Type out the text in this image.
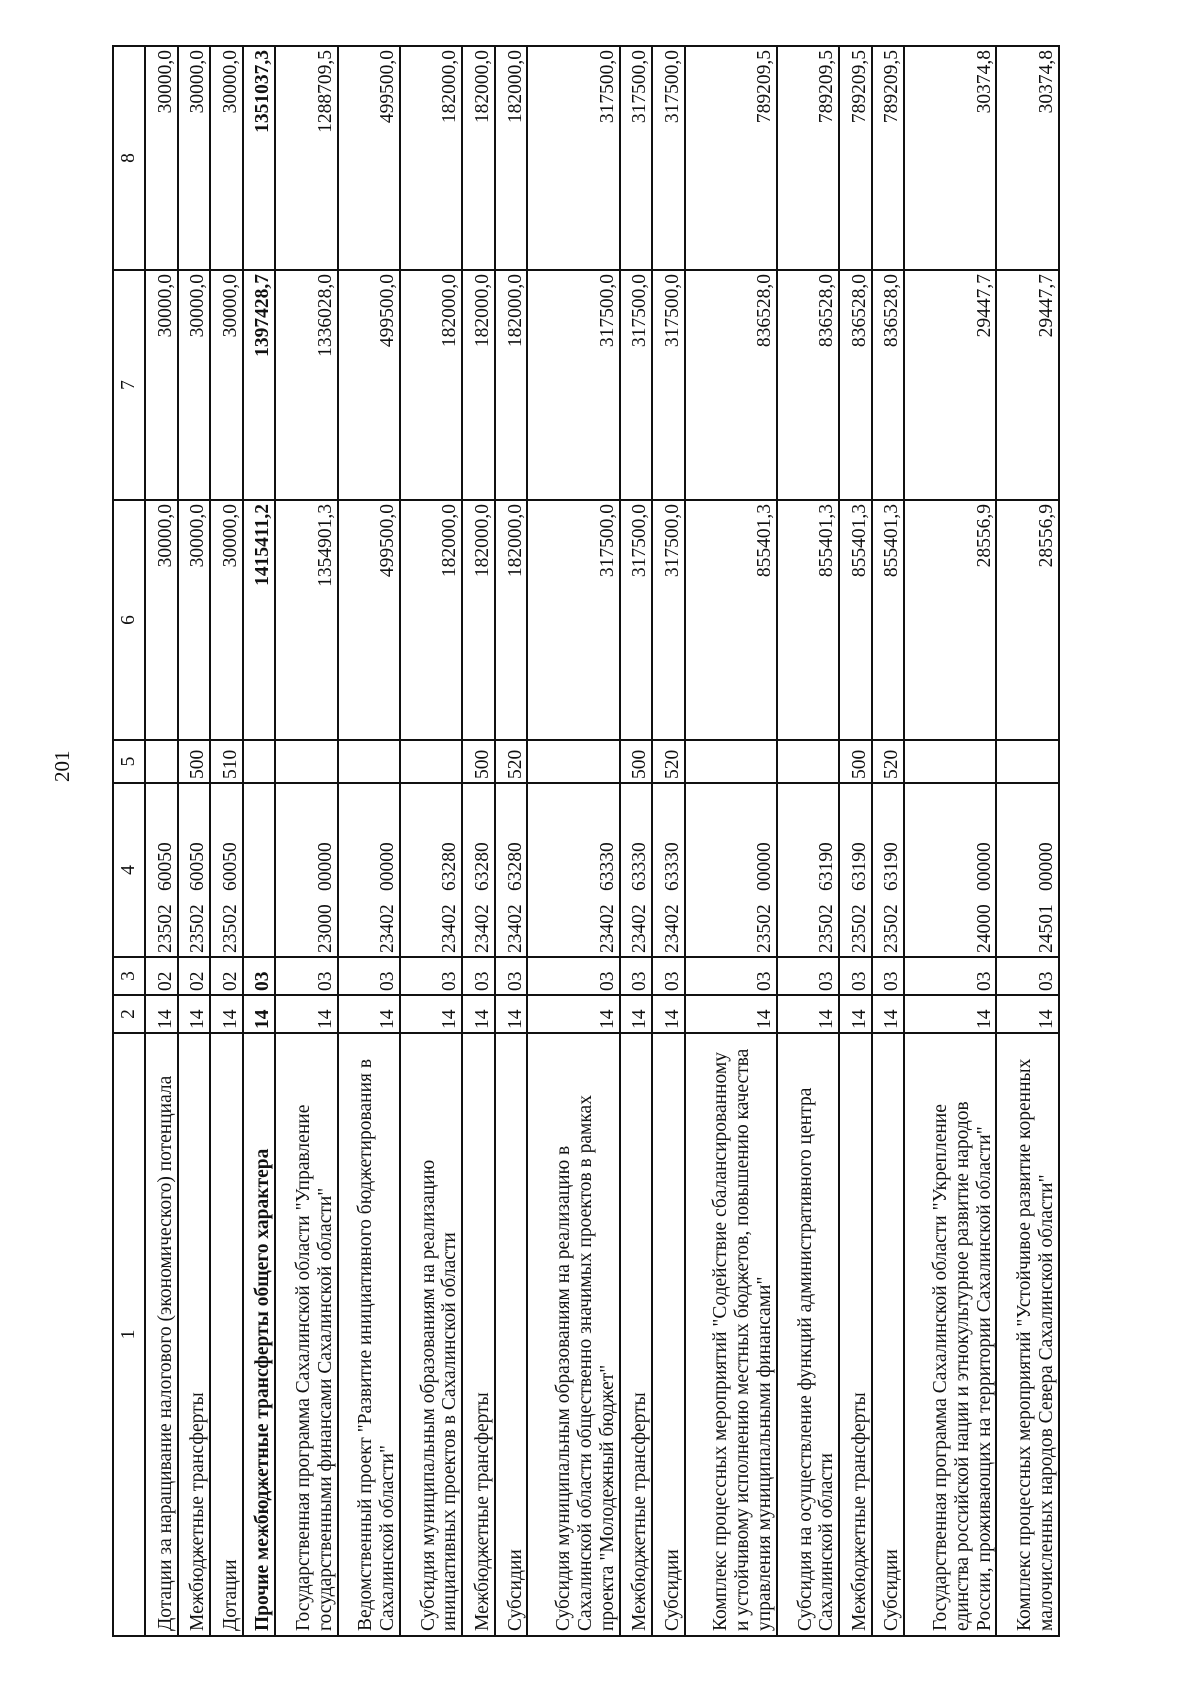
201
1	2	3	4	5	6	7	8
Дотации за наращивание налогового (экономического) потенциала	14	02	2350260050		30000,0	30000,0	30000,0
Межбюджетные трансферты	14	02	2350260050	500	30000,0	30000,0	30000,0
Дотации	14	02	2350260050	510	30000,0	30000,0	30000,0
Прочие межбюджетные трансферты общего характера	14	03			1415411,2	1397428,7	1351037,3
Государственная программа Сахалинской области "Управление государственными финансами Сахалинской области"	14	03	2300000000		1354901,3	1336028,0	1288709,5
Ведомственный проект "Развитие инициативного бюджетирования в Сахалинской области"	14	03	2340200000		499500,0	499500,0	499500,0
Субсидия муниципальным образованиям на реализацию инициативных проектов в Сахалинской области	14	03	2340263280		182000,0	182000,0	182000,0
Межбюджетные трансферты	14	03	2340263280	500	182000,0	182000,0	182000,0
Субсидии	14	03	2340263280	520	182000,0	182000,0	182000,0
Субсидия муниципальным образованиям на реализацию в Сахалинской области общественно значимых проектов в рамках проекта "Молодежный бюджет"	14	03	2340263330		317500,0	317500,0	317500,0
Межбюджетные трансферты	14	03	2340263330	500	317500,0	317500,0	317500,0
Субсидии	14	03	2340263330	520	317500,0	317500,0	317500,0
Комплекс процессных мероприятий "Содействие сбалансированному и устойчивому исполнению местных бюджетов, повышению качества управления муниципальными финансами"	14	03	2350200000		855401,3	836528,0	789209,5
Субсидия на осуществление функций административного центра Сахалинской области	14	03	2350263190		855401,3	836528,0	789209,5
Межбюджетные трансферты	14	03	2350263190	500	855401,3	836528,0	789209,5
Субсидии	14	03	2350263190	520	855401,3	836528,0	789209,5
Государственная программа Сахалинской области "Укрепление единства российской нации и этнокультурное развитие народов России, проживающих на территории Сахалинской области"	14	03	2400000000		28556,9	29447,7	30374,8
Комплекс процессных мероприятий "Устойчивое развитие коренных малочисленных народов Севера Сахалинской области"	14	03	2450100000		28556,9	29447,7	30374,8
